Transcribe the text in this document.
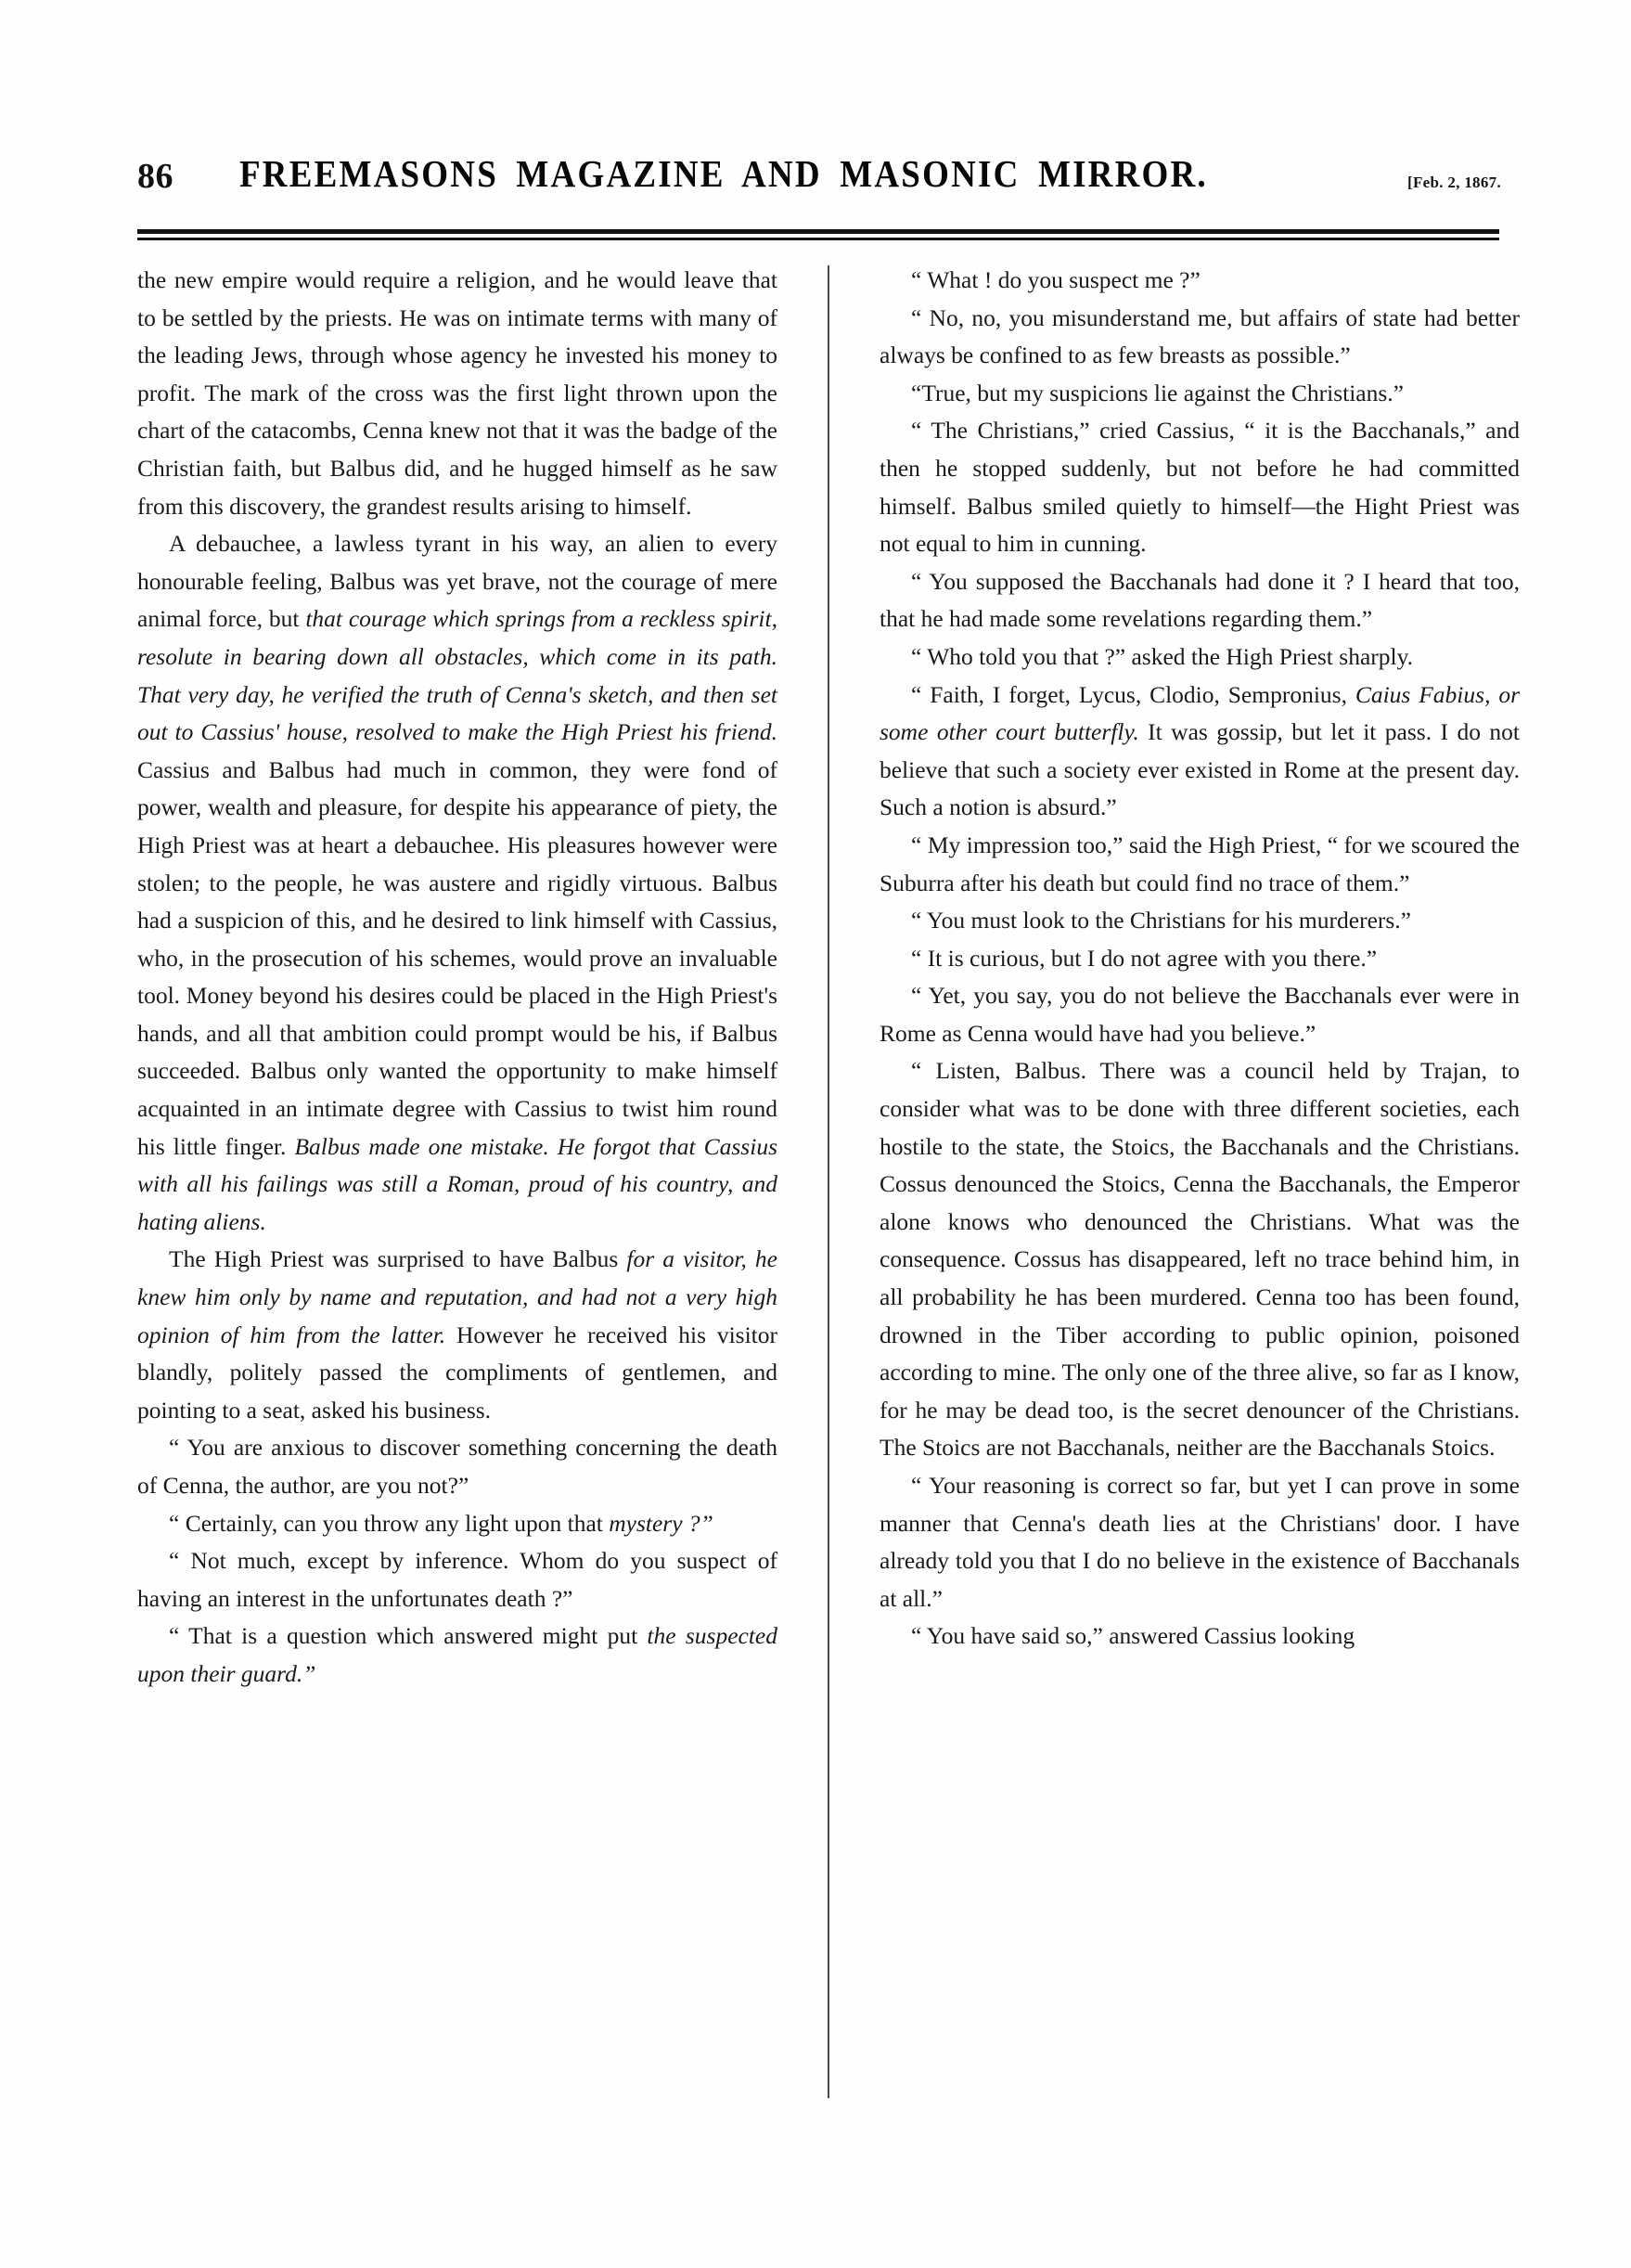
86	FREEMASONS MAGAZINE AND MASONIC MIRROR.	[Feb. 2, 1867.

the new empire would require a religion, and he would leave that to be settled by the priests. He was on intimate terms with many of the leading Jews, through whose agency he invested his money to profit. The mark of the cross was the first light thrown upon the chart of the catacombs, Cenna knew not that it was the badge of the Christian faith, but Balbus did, and he hugged himself as he saw from this discovery, the grandest results arising to himself.

A debauchee, a lawless tyrant in his way, an alien to every honourable feeling, Balbus was yet brave, not the courage of mere animal force, but that courage which springs from a reckless spirit, resolute in bearing down all obstacles, which come in its path. That very day, he verified the truth of Cenna's sketch, and then set out to Cassius' house, resolved to make the High Priest his friend. Cassius and Balbus had much in common, they were fond of power, wealth and pleasure, for despite his appearance of piety, the High Priest was at heart a debauchee. His pleasures however were stolen; to the people, he was austere and rigidly virtuous. Balbus had a suspicion of this, and he desired to link himself with Cassius, who, in the prosecution of his schemes, would prove an invaluable tool. Money beyond his desires could be placed in the High Priest's hands, and all that ambition could prompt would be his, if Balbus succeeded. Balbus only wanted the opportunity to make himself acquainted in an intimate degree with Cassius to twist him round his little finger. Balbus made one mistake. He forgot that Cassius with all his failings was still a Roman, proud of his country, and hating aliens.

The High Priest was surprised to have Balbus for a visitor, he knew him only by name and reputation, and had not a very high opinion of him from the latter. However he received his visitor blandly, politely passed the compliments of gentlemen, and pointing to a seat, asked his business.

“ You are anxious to discover something concerning the death of Cenna, the author, are you not?”

“ Certainly, can you throw any light upon that mystery ?”

“ Not much, except by inference. Whom do you suspect of having an interest in the unfortunates death ?”

“ That is a question which answered might put the suspected upon their guard.”

“ What ! do you suspect me ?”

“ No, no, you misunderstand me, but affairs of state had better always be confined to as few breasts as possible.”

“True, but my suspicions lie against the Christians.”

“ The Christians,” cried Cassius, “ it is the Bacchanals,” and then he stopped suddenly, but not before he had committed himself. Balbus smiled quietly to himself—the Hight Priest was not equal to him in cunning.

“ You supposed the Bacchanals had done it ? I heard that too, that he had made some revelations regarding them.”

“ Who told you that ?” asked the High Priest sharply.

“ Faith, I forget, Lycus, Clodio, Sempronius, Caius Fabius, or some other court butterfly. It was gossip, but let it pass. I do not believe that such a society ever existed in Rome at the present day. Such a notion is absurd.”

“ My impression too,” said the High Priest, “ for we scoured the Suburra after his death but could find no trace of them.”

“ You must look to the Christians for his murderers.”

“ It is curious, but I do not agree with you there.”

“ Yet, you say, you do not believe the Bacchanals ever were in Rome as Cenna would have had you believe.”

“ Listen, Balbus. There was a council held by Trajan, to consider what was to be done with three different societies, each hostile to the state, the Stoics, the Bacchanals and the Christians. Cossus denounced the Stoics, Cenna the Bacchanals, the Emperor alone knows who denounced the Christians. What was the consequence. Cossus has disappeared, left no trace behind him, in all probability he has been murdered. Cenna too has been found, drowned in the Tiber according to public opinion, poisoned according to mine. The only one of the three alive, so far as I know, for he may be dead too, is the secret denouncer of the Christians. The Stoics are not Bacchanals, neither are the Bacchanals Stoics.

“ Your reasoning is correct so far, but yet I can prove in some manner that Cenna's death lies at the Christians' door. I have already told you that I do no believe in the existence of Bacchanals at all.”

“ You have said so,” answered Cassius looking
